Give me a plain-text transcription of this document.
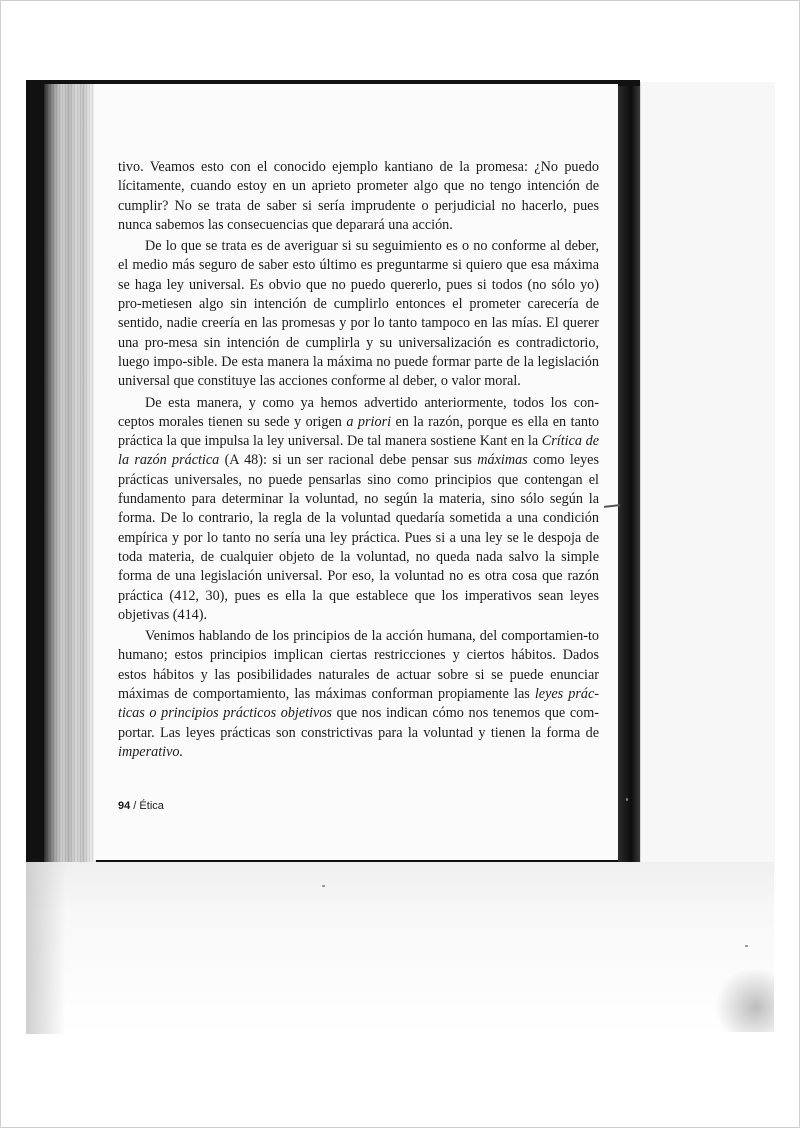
tivo. Veamos esto con el conocido ejemplo kantiano de la promesa: ¿No puedo lícitamente, cuando estoy en un aprieto prometer algo que no tengo intención de cumplir? No se trata de saber si sería imprudente o perjudicial no hacerlo, pues nunca sabemos las consecuencias que deparará una acción.

De lo que se trata es de averiguar si su seguimiento es o no conforme al deber, el medio más seguro de saber esto último es preguntarme si quiero que esa máxima se haga ley universal. Es obvio que no puedo quererlo, pues si todos (no sólo yo) pro-metiesen algo sin intención de cumplirlo entonces el prometer carecería de sentido, nadie creería en las promesas y por lo tanto tampoco en las mías. El querer una pro-mesa sin intención de cumplirla y su universalización es contradictorio, luego impo-sible. De esta manera la máxima no puede formar parte de la legislación universal que constituye las acciones conforme al deber, o valor moral.

De esta manera, y como ya hemos advertido anteriormente, todos los con-ceptos morales tienen su sede y origen a priori en la razón, porque es ella en tanto práctica la que impulsa la ley universal. De tal manera sostiene Kant en la Crítica de la razón práctica (A 48): si un ser racional debe pensar sus máximas como leyes prácticas universales, no puede pensarlas sino como principios que contengan el fundamento para determinar la voluntad, no según la materia, sino sólo según la forma. De lo contrario, la regla de la voluntad quedaría sometida a una condición empírica y por lo tanto no sería una ley práctica. Pues si a una ley se le despoja de toda materia, de cualquier objeto de la voluntad, no queda nada salvo la simple forma de una legislación universal. Por eso, la voluntad no es otra cosa que razón práctica (412, 30), pues es ella la que establece que los imperativos sean leyes objetivas (414).

Venimos hablando de los principios de la acción humana, del comportamien-to humano; estos principios implican ciertas restricciones y ciertos hábitos. Dados estos hábitos y las posibilidades naturales de actuar sobre si se puede enunciar máximas de comportamiento, las máximas conforman propiamente las leyes prác-ticas o principios prácticos objetivos que nos indican cómo nos tenemos que com-portar. Las leyes prácticas son constrictivas para la voluntad y tienen la forma de imperativo.

94 / Ética
